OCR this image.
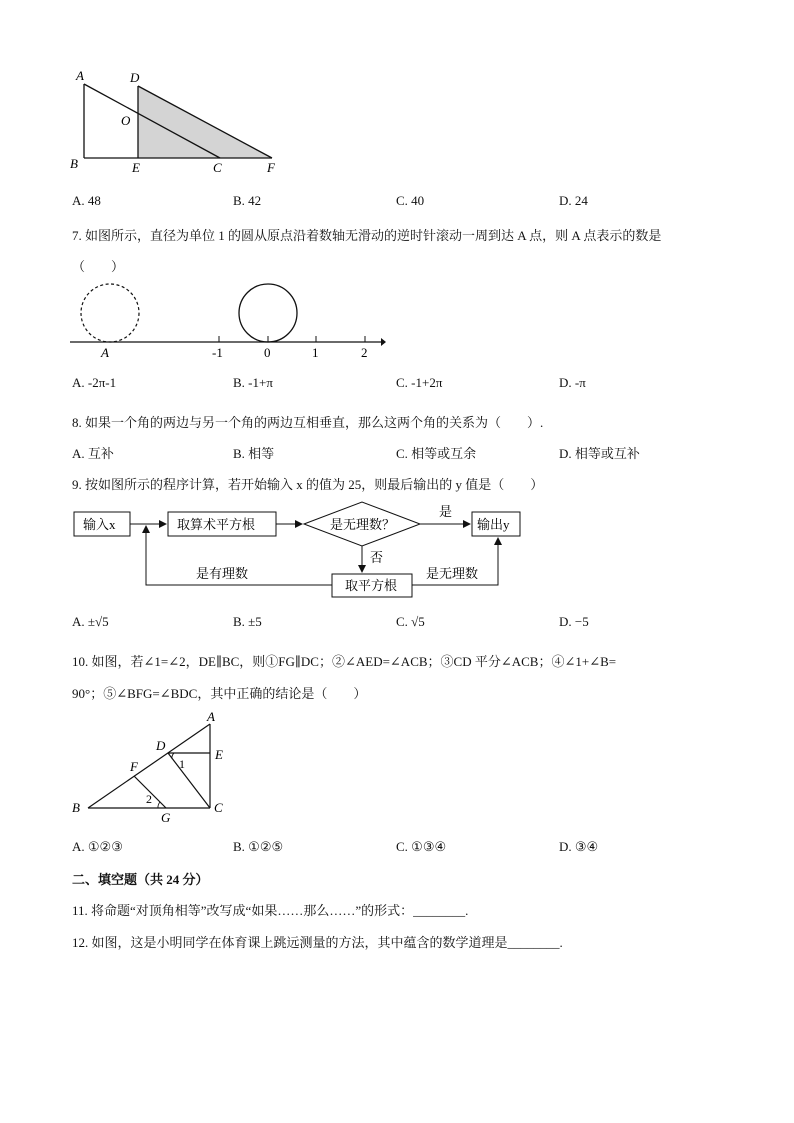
A	D
O
B	E	C	F
A. 48	B. 42	C. 40	D. 24
7. 如图所示，直径为单位 1 的圆从原点沿着数轴无滑动的逆时针滚动一周到达 A 点，则 A 点表示的数是
（　　）
A	-1	0	1	2
A. -2π-1	B. -1+π	C. -1+2π	D. -π
8. 如果一个角的两边与另一个角的两边互相垂直，那么这两个角的关系为（　　）.
A. 互补	B. 相等	C. 相等或互余	D. 相等或互补
9. 按如图所示的程序计算，若开始输入 x 的值为 25，则最后输出的 y 值是（　　）
输入x	取算术平方根	是无理数？
是
输出y
否
取平方根
是无理数
是有理数
A. ±√5	B. ±5	C. √5	D. −5
10. 如图，若∠1=∠2，DE∥BC，则①FG∥DC；②∠AED=∠ACB；③CD 平分∠ACB；④∠1+∠B=
90°；⑤∠BFG=∠BDC，其中正确的结论是（　　）
A
D
E
1
F
2
B
G
C
A. ①②③	B. ①②⑤	C. ①③④	D. ③④
二、填空题（共 24 分）
11. 将命题“对顶角相等”改写成“如果……那么……”的形式：________.
12. 如图，这是小明同学在体育课上跳远测量的方法，其中蕴含的数学道理是________.
